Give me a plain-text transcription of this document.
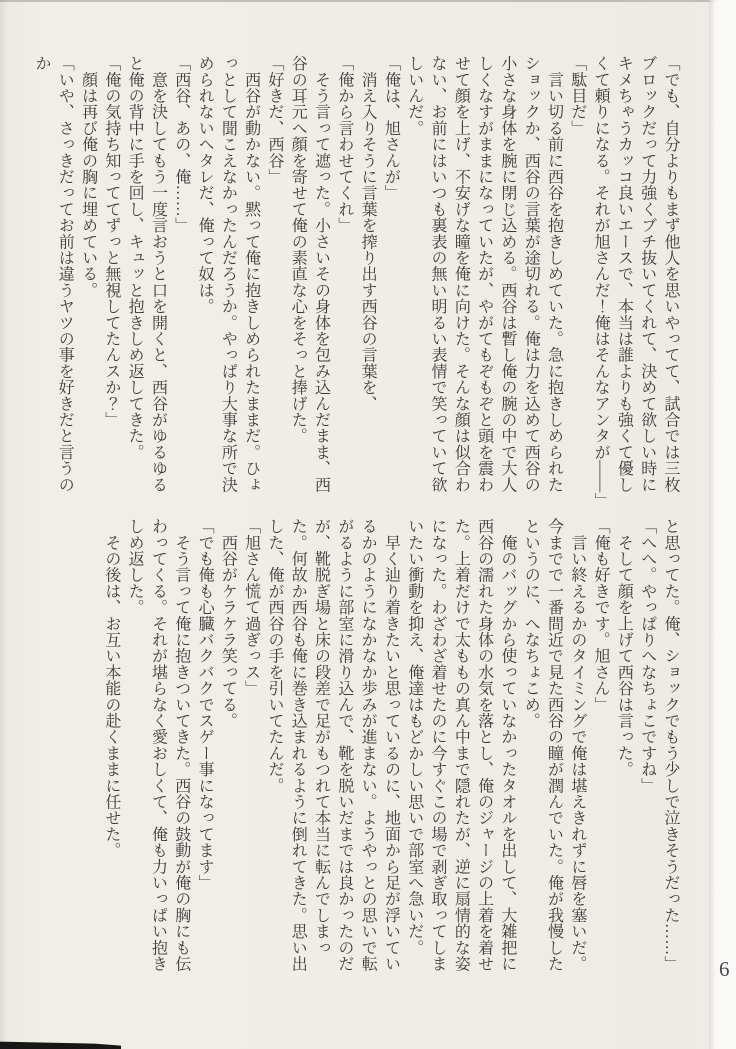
「でも、自分よりもまず他人を思いやってて、試合では三枚ブロックだって力強くブチ抜いてくれて、決めて欲しい時にキメちゃうカッコ良いエースで、本当は誰よりも強くて優しくて頼りになる。それが旭さんだ！俺はそんなアンタが――」

「駄目だ」

　言い切る前に西谷を抱きしめていた。急に抱きしめられたショックか、西谷の言葉が途切れる。俺は力を込めて西谷の小さな身体を腕に閉じ込める。西谷は暫し俺の腕の中で大人しくなすがままになっていたが、やがてもぞもぞと頭を震わせて顔を上げ、不安げな瞳を俺に向けた。そんな顔は似合わない、お前にはいつも裏表の無い明るい表情で笑っていて欲しいんだ。

「俺は、旭さんが」

　消え入りそうに言葉を搾り出す西谷の言葉を、

「俺から言わせてくれ」

　そう言って遮った。小さいその身体を包み込んだまま、西谷の耳元へ顔を寄せて俺の素直な心をそっと捧げた。

「好きだ、西谷」

　西谷が動かない。黙って俺に抱きしめられたままだ。ひょっとして聞こえなかったんだろうか。やっぱり大事な所で決められないヘタレだ、俺って奴は。

「西谷、あの、俺……」

　意を決してもう一度言おうと口を開くと、西谷がゆるゆると俺の背中に手を回し、キュッと抱きしめ返してきた。

「俺の気持ち知っててずっと無視してたんスか？」

　顔は再び俺の胸に埋めている。

「いや、さっきだってお前は違うヤツの事を好きだと言うのか

と思ってた。俺、ショックでもう少しで泣きそうだった……」

「へへ。やっぱりへなちょこですね」

　そして顔を上げて西谷は言った。

「俺も好きです。旭さん」

　言い終えるかのタイミングで俺は堪えきれずに唇を塞いだ。今までで一番間近で見た西谷の瞳が潤んでいた。俺が我慢したというのに、へなちょこめ。

　俺のバッグから使っていなかったタオルを出して、大雑把に西谷の濡れた身体の水気を落とし、俺のジャージの上着を着せた。上着だけで太ももの真ん中まで隠れたが、逆に扇情的な姿になった。わざわざ着せたのに今すぐこの場で剥ぎ取ってしまいたい衝動を抑え、俺達はもどかしい思いで部室へ急いだ。

　早く辿り着きたいと思っているのに、地面から足が浮いているかのようになかなか歩みが進まない。ようやっとの思いで転がるように部室に滑り込んで、靴を脱いだまでは良かったのだが、靴脱ぎ場と床の段差で足がもつれて本当に転んでしまった。何故か西谷も俺に巻き込まれるように倒れてきた。思い出した、俺が西谷の手を引いてたんだ。

「旭さん慌て過ぎっス」

　西谷がケラケラ笑ってる。

「でも俺も心臓バクバクでスゲー事になってます」

　そう言って俺に抱きついてきた。西谷の鼓動が俺の胸にも伝わってくる。それが堪らなく愛おしくて、俺も力いっぱい抱きしめ返した。

　その後は、お互い本能の赴くままに任せた。

6
